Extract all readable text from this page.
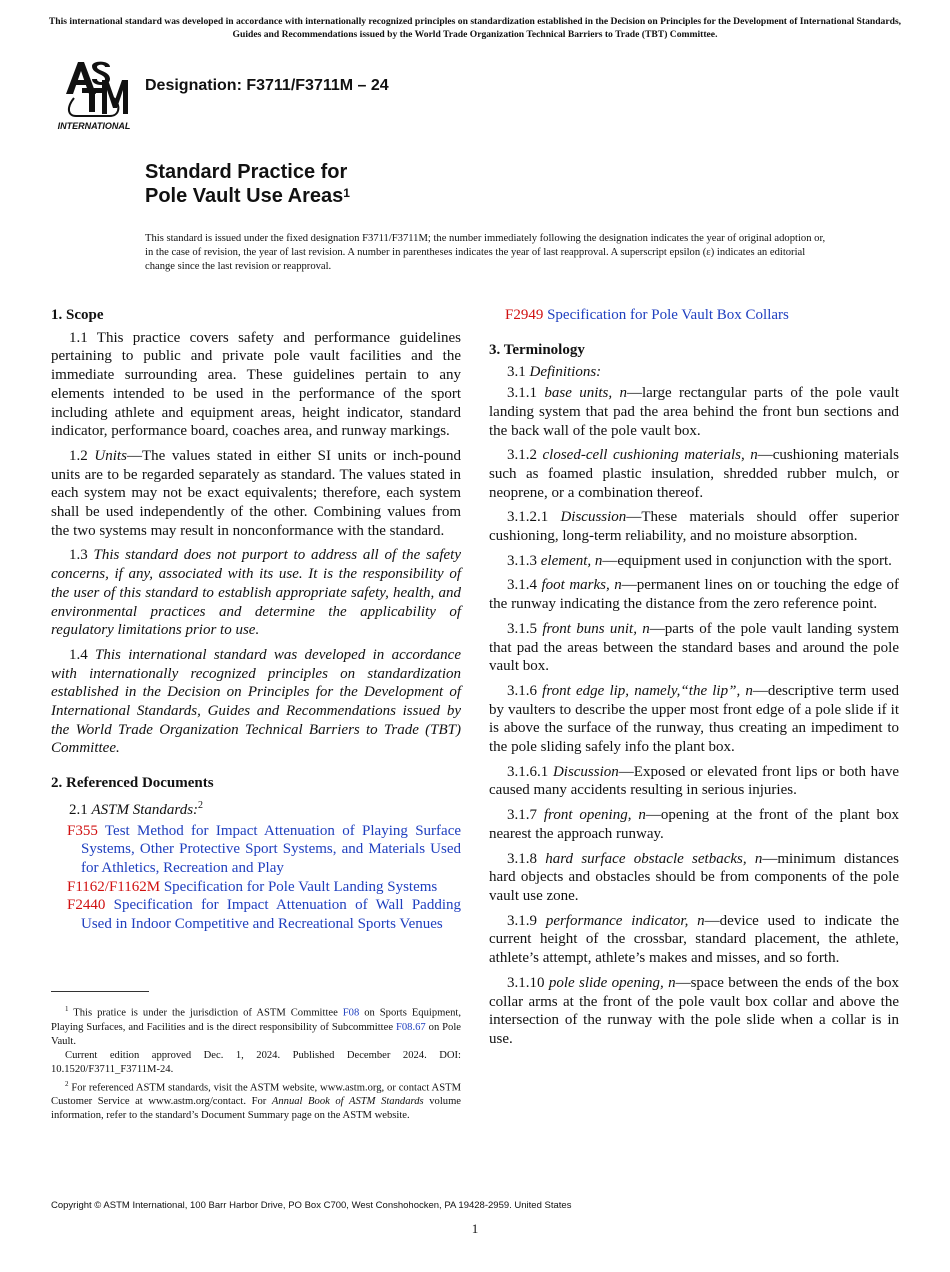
This international standard was developed in accordance with internationally recognized principles on standardization established in the Decision on Principles for the Development of International Standards, Guides and Recommendations issued by the World Trade Organization Technical Barriers to Trade (TBT) Committee.
INTERNATIONAL
Designation: F3711/F3711M – 24
Standard Practice for
Pole Vault Use Areas$^1$
This standard is issued under the fixed designation F3711/F3711M; the number immediately following the designation indicates the year of original adoption or, in the case of revision, the year of last revision. A number in parentheses indicates the year of last reapproval. A superscript epsilon (ε) indicates an editorial change since the last revision or reapproval.
1. Scope

1.1 This practice covers safety and performance guidelines pertaining to public and private pole vault facilities and the immediate surrounding area. These guidelines pertain to any elements intended to be used in the performance of the sport including athlete and equipment areas, height indicator, standard indicator, performance board, coaches area, and runway markings.

1.2 Units—The values stated in either SI units or inch-pound units are to be regarded separately as standard. The values stated in each system may not be exact equivalents; therefore, each system shall be used independently of the other. Combining values from the two systems may result in nonconformance with the standard.

1.3 This standard does not purport to address all of the safety concerns, if any, associated with its use. It is the responsibility of the user of this standard to establish appropriate safety, health, and environmental practices and determine the applicability of regulatory limitations prior to use.

1.4 This international standard was developed in accordance with internationally recognized principles on standardization established in the Decision on Principles for the Development of International Standards, Guides and Recommendations issued by the World Trade Organization Technical Barriers to Trade (TBT) Committee.

2. Referenced Documents
2.1 ASTM Standards:$^2$
F355 Test Method for Impact Attenuation of Playing Surface Systems, Other Protective Sport Systems, and Materials Used for Athletics, Recreation and Play
F1162/F1162M Specification for Pole Vault Landing Systems
F2440 Specification for Impact Attenuation of Wall Padding Used in Indoor Competitive and Recreational Sports Venues

$^1$ This pratice is under the jurisdiction of ASTM Committee F08 on Sports Equipment, Playing Surfaces, and Facilities and is the direct responsibility of Subcommittee F08.67 on Pole Vault.

Current edition approved Dec. 1, 2024. Published December 2024. DOI: 10.1520/F3711_F3711M-24.

$^2$ For referenced ASTM standards, visit the ASTM website, www.astm.org, or contact ASTM Customer Service at www.astm.org/contact. For Annual Book of ASTM Standards volume information, refer to the standard’s Document Summary page on the ASTM website.

F2949 Specification for Pole Vault Box Collars
3. Terminology
3.1 Definitions:

3.1.1 base units, n—large rectangular parts of the pole vault landing system that pad the area behind the front bun sections and the back wall of the pole vault box.

3.1.2 closed-cell cushioning materials, n—cushioning materials such as foamed plastic insulation, shredded rubber mulch, or neoprene, or a combination thereof.

3.1.2.1 Discussion—These materials should offer superior cushioning, long-term reliability, and no moisture absorption.

3.1.3 element, n—equipment used in conjunction with the sport.

3.1.4 foot marks, n—permanent lines on or touching the edge of the runway indicating the distance from the zero reference point.

3.1.5 front buns unit, n—parts of the pole vault landing system that pad the areas between the standard bases and around the pole vault box.

3.1.6 front edge lip, namely,“the lip”, n—descriptive term used by vaulters to describe the upper most front edge of a pole slide if it is above the surface of the runway, thus creating an impediment to the pole sliding safely info the plant box.

3.1.6.1 Discussion—Exposed or elevated front lips or both have caused many accidents resulting in serious injuries.

3.1.7 front opening, n—opening at the front of the plant box nearest the approach runway.

3.1.8 hard surface obstacle setbacks, n—minimum distances hard objects and obstacles should be from components of the pole vault use zone.

3.1.9 performance indicator, n—device used to indicate the current height of the crossbar, standard placement, the athlete, athlete’s attempt, athlete’s makes and misses, and so forth.

3.1.10 pole slide opening, n—space between the ends of the box collar arms at the front of the pole vault box collar and above the intersection of the runway with the pole slide when a collar is in use.

Copyright © ASTM International, 100 Barr Harbor Drive, PO Box C700, West Conshohocken, PA 19428-2959. United States
1
